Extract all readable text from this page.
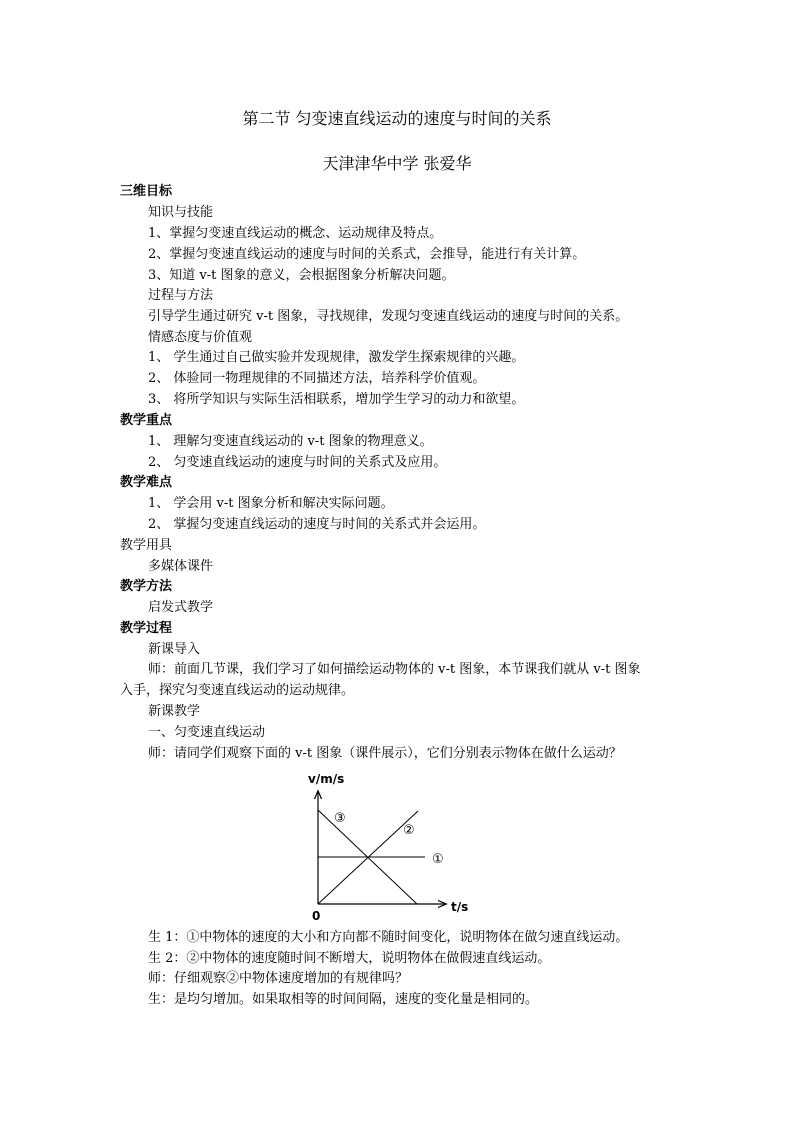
第二节 匀变速直线运动的速度与时间的关系
天津津华中学 张爱华
三维目标
知识与技能
1、掌握匀变速直线运动的概念、运动规律及特点。
2、掌握匀变速直线运动的速度与时间的关系式，会推导，能进行有关计算。
3、知道 v-t 图象的意义，会根据图象分析解决问题。
过程与方法
引导学生通过研究 v-t 图象，寻找规律，发现匀变速直线运动的速度与时间的关系。
情感态度与价值观
1、 学生通过自己做实验并发现规律，激发学生探索规律的兴趣。
2、 体验同一物理规律的不同描述方法，培养科学价值观。
3、 将所学知识与实际生活相联系，增加学生学习的动力和欲望。
教学重点
1、 理解匀变速直线运动的 v-t 图象的物理意义。
2、 匀变速直线运动的速度与时间的关系式及应用。
教学难点
1、 学会用 v-t 图象分析和解决实际问题。
2、 掌握匀变速直线运动的速度与时间的关系式并会运用。
教学用具
多媒体课件
教学方法
启发式教学
教学过程
新课导入
师：前面几节课，我们学习了如何描绘运动物体的 v-t 图象，本节课我们就从 v-t 图象
入手，探究匀变速直线运动的运动规律。
新课教学
一、匀变速直线运动
师：请同学们观察下面的 v-t 图象（课件展示），它们分别表示物体在做什么运动？
v/m/s
③
②
①
0
t/s
生 1：①中物体的速度的大小和方向都不随时间变化，说明物体在做匀速直线运动。
生 2：②中物体的速度随时间不断增大，说明物体在做假速直线运动。
师：仔细观察②中物体速度增加的有规律吗？
生：是均匀增加。如果取相等的时间间隔，速度的变化量是相同的。
